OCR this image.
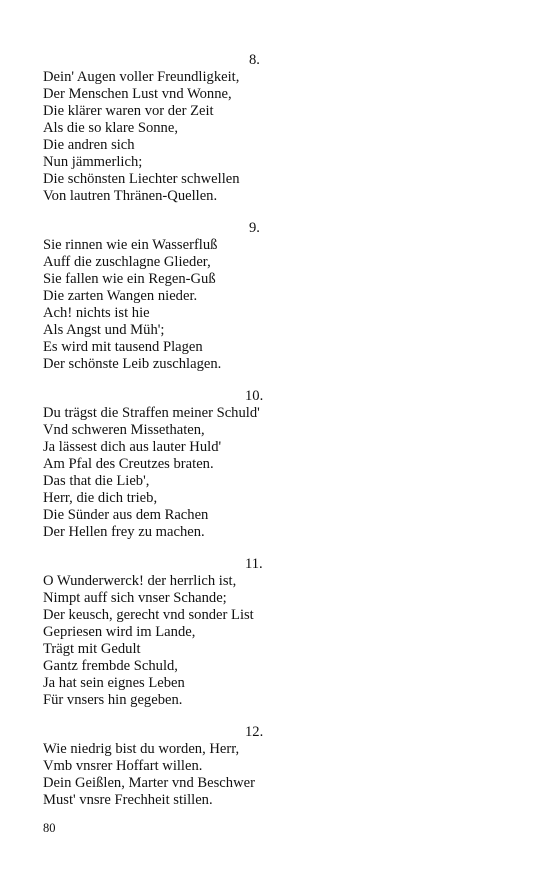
8.
Dein' Augen voller Freundligkeit,
Der Menschen Lust vnd Wonne,
Die klärer waren vor der Zeit
Als die so klare Sonne,
Die andren sich
Nun jämmerlich;
Die schönsten Liechter schwellen
Von lautren Thränen-Quellen.
9.
Sie rinnen wie ein Wasserfluß
Auff die zuschlagne Glieder,
Sie fallen wie ein Regen-Guß
Die zarten Wangen nieder.
Ach! nichts ist hie
Als Angst und Müh';
Es wird mit tausend Plagen
Der schönste Leib zuschlagen.
10.
Du trägst die Straffen meiner Schuld'
Vnd schweren Missethaten,
Ja lässest dich aus lauter Huld'
Am Pfal des Creutzes braten.
Das that die Lieb',
Herr, die dich trieb,
Die Sünder aus dem Rachen
Der Hellen frey zu machen.
11.
O Wunderwerck! der herrlich ist,
Nimpt auff sich vnser Schande;
Der keusch, gerecht vnd sonder List
Gepriesen wird im Lande,
Trägt mit Gedult
Gantz frembde Schuld,
Ja hat sein eignes Leben
Für vnsers hin gegeben.
12.
Wie niedrig bist du worden, Herr,
Vmb vnsrer Hoffart willen.
Dein Geißlen, Marter vnd Beschwer
Must' vnsre Frechheit stillen.
80
